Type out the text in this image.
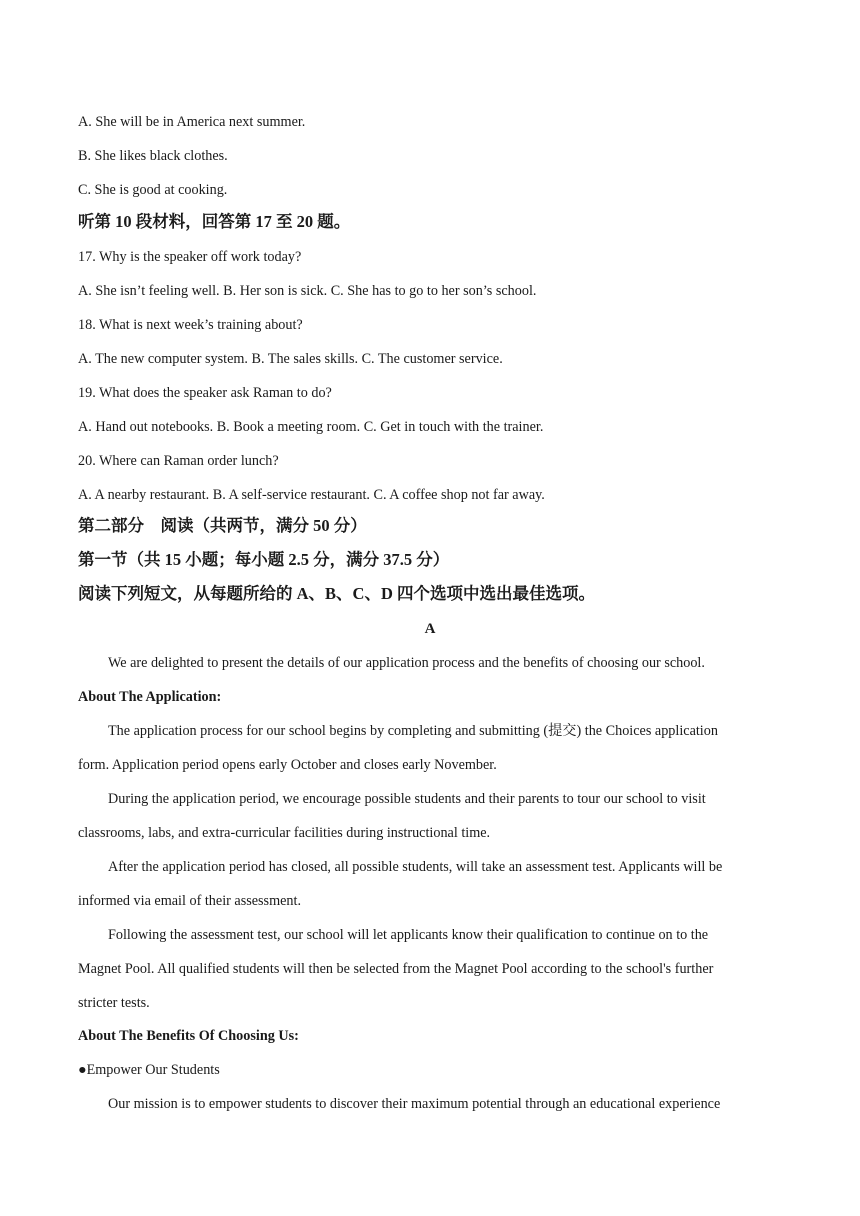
A. She will be in America next summer.
B. She likes black clothes.
C. She is good at cooking.
听第 10 段材料，回答第 17 至 20 题。
17. Why is the speaker off work today?
A. She isn’t feeling well. B. Her son is sick. C. She has to go to her son’s school.
18. What is next week’s training about?
A. The new computer system. B. The sales skills. C. The customer service.
19. What does the speaker ask Raman to do?
A. Hand out notebooks. B. Book a meeting room. C. Get in touch with the trainer.
20. Where can Raman order lunch?
A. A nearby restaurant. B. A self-service restaurant. C. A coffee shop not far away.
第二部分　阅读（共两节，满分 50 分）
第一节（共 15 小题；每小题 2.5 分，满分 37.5 分）
阅读下列短文，从每题所给的 A、B、C、D 四个选项中选出最佳选项。
A
We are delighted to present the details of our application process and the benefits of choosing our school.
About The Application:
The application process for our school begins by completing and submitting (提交) the Choices application
form. Application period opens early October and closes early November.
During the application period, we encourage possible students and their parents to tour our school to visit
classrooms, labs, and extra-curricular facilities during instructional time.
After the application period has closed, all possible students, will take an assessment test. Applicants will be
informed via email of their assessment.
Following the assessment test, our school will let applicants know their qualification to continue on to the
Magnet Pool. All qualified students will then be selected from the Magnet Pool according to the school's further
stricter tests.
About The Benefits Of Choosing Us:
●Empower Our Students
Our mission is to empower students to discover their maximum potential through an educational experience
